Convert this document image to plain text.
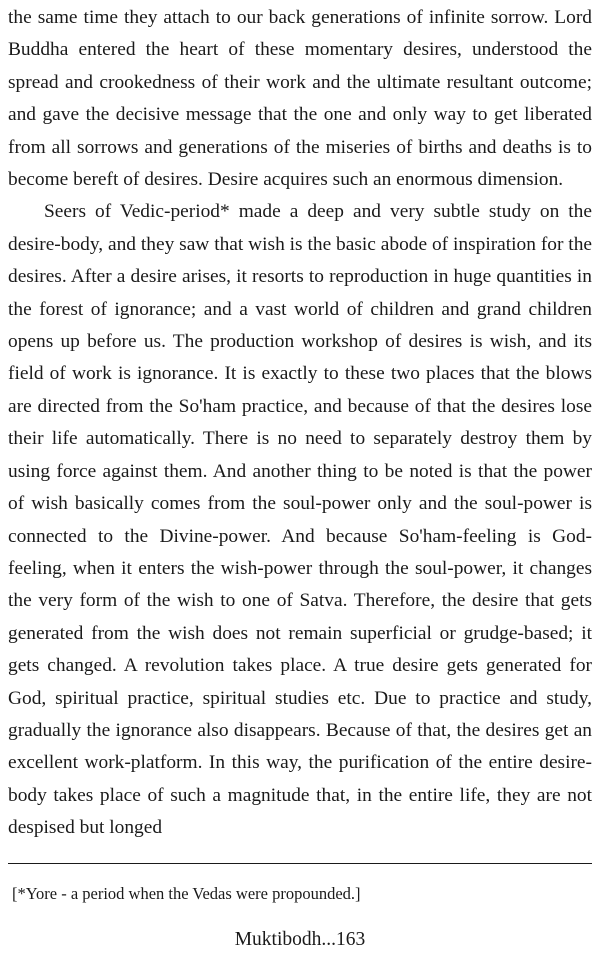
the same time they attach to our back generations of infinite sorrow. Lord Buddha entered the heart of these momentary desires, understood the spread and crookedness of their work and the ultimate resultant outcome; and gave the decisive message that the one and only way to get liberated from all sorrows and generations of the miseries of births and deaths is to become bereft of desires. Desire acquires such an enormous dimension.

Seers of Vedic-period* made a deep and very subtle study on the desire-body, and they saw that wish is the basic abode of inspiration for the desires. After a desire arises, it resorts to reproduction in huge quantities in the forest of ignorance; and a vast world of children and grand children opens up before us. The production workshop of desires is wish, and its field of work is ignorance. It is exactly to these two places that the blows are directed from the So'ham practice, and because of that the desires lose their life automatically. There is no need to separately destroy them by using force against them. And another thing to be noted is that the power of wish basically comes from the soul-power only and the soul-power is connected to the Divine-power. And because So'ham-feeling is God-feeling, when it enters the wish-power through the soul-power, it changes the very form of the wish to one of Satva. Therefore, the desire that gets generated from the wish does not remain superficial or grudge-based; it gets changed. A revolution takes place. A true desire gets generated for God, spiritual practice, spiritual studies etc. Due to practice and study, gradually the ignorance also disappears. Because of that, the desires get an excellent work-platform. In this way, the purification of the entire desire-body takes place of such a magnitude that, in the entire life, they are not despised but longed

[*Yore - a period when the Vedas were propounded.]
Muktibodh...163
